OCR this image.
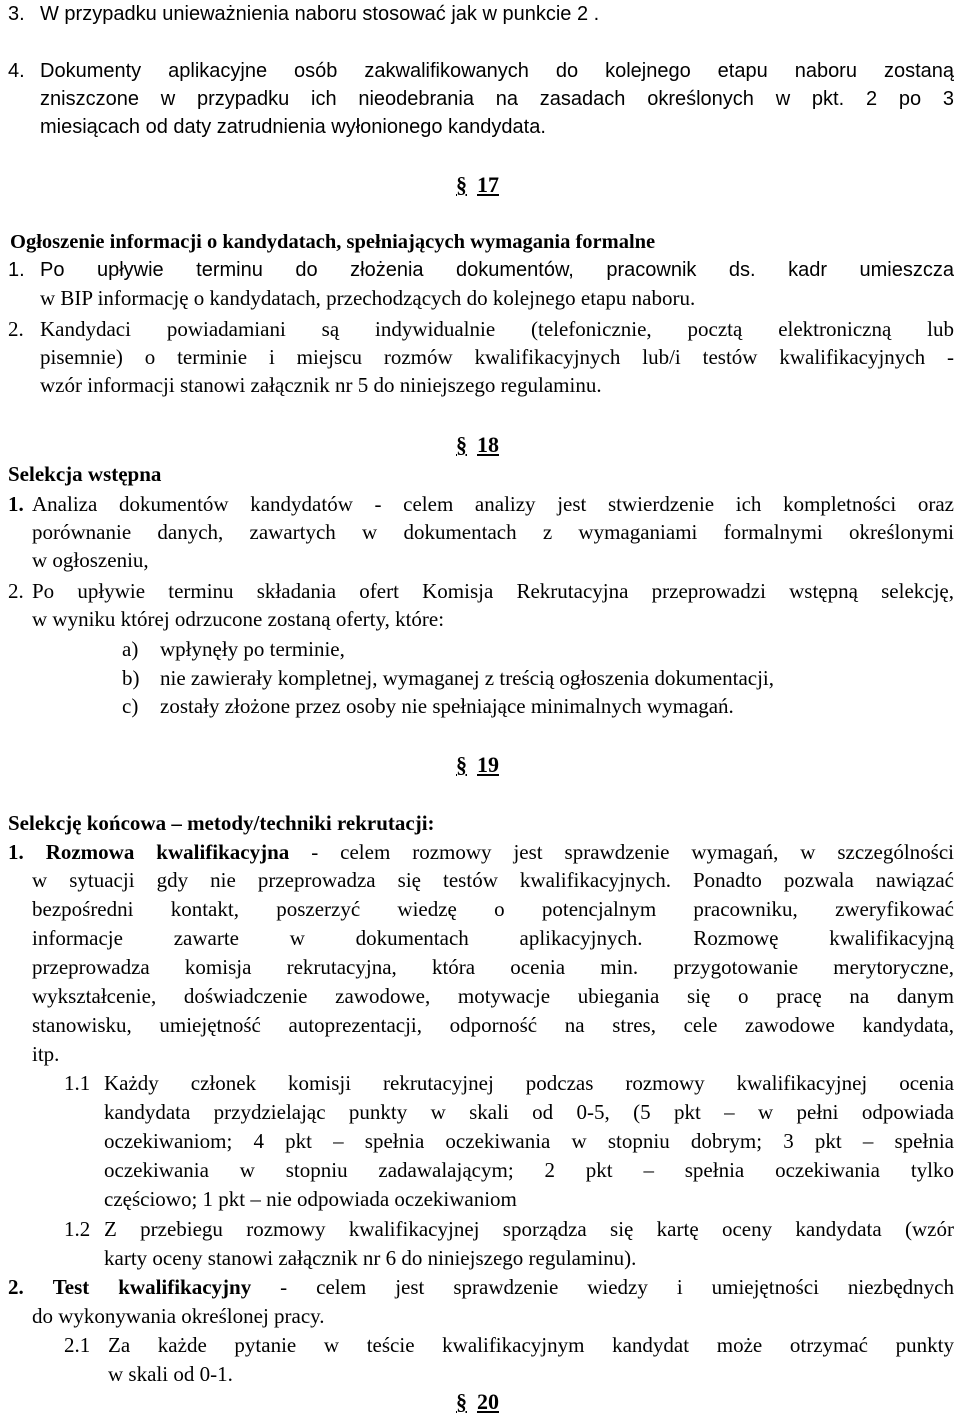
3. W przypadku unieważnienia naboru stosować jak w punkcie 2 .
4. Dokumenty aplikacyjne osób zakwalifikowanych do kolejnego etapu naboru zostaną
zniszczone w przypadku ich nieodebrania na zasadach określonych w pkt. 2 po 3
miesiącach od daty zatrudnienia wyłonionego kandydata.
§ 17
Ogłoszenie informacji o kandydatach, spełniających wymagania formalne
1. Po upływie terminu do złożenia dokumentów, pracownik ds. kadr umieszcza
w BIP informację o kandydatach, przechodzących do kolejnego etapu naboru.
2. Kandydaci powiadamiani są indywidualnie (telefonicznie, pocztą elektroniczną lub
pisemnie) o terminie i miejscu rozmów kwalifikacyjnych lub/i testów kwalifikacyjnych -
wzór informacji stanowi załącznik nr 5 do niniejszego regulaminu.
§ 18
Selekcja wstępna
1. Analiza dokumentów kandydatów - celem analizy jest stwierdzenie ich kompletności oraz
porównanie danych, zawartych w dokumentach z wymaganiami formalnymi określonymi
w ogłoszeniu,
2. Po upływie terminu składania ofert Komisja Rekrutacyjna przeprowadzi wstępną selekcję,
w wyniku której odrzucone zostaną oferty, które:
a) wpłynęły po terminie,
b) nie zawierały kompletnej, wymaganej z treścią ogłoszenia dokumentacji,
c) zostały złożone przez osoby nie spełniające minimalnych wymagań.
§ 19
Selekcję końcowa – metody/techniki rekrutacji:
1. Rozmowa kwalifikacyjna - celem rozmowy jest sprawdzenie wymagań, w szczególności
w sytuacji gdy nie przeprowadza się testów kwalifikacyjnych. Ponadto pozwala nawiązać
bezpośredni kontakt, poszerzyć wiedzę o potencjalnym pracowniku, zweryfikować
informacje zawarte w dokumentach aplikacyjnych. Rozmowę kwalifikacyjną
przeprowadza komisja rekrutacyjna, która ocenia min. przygotowanie merytoryczne,
wykształcenie, doświadczenie zawodowe, motywacje ubiegania się o pracę na danym
stanowisku, umiejętność autoprezentacji, odporność na stres, cele zawodowe kandydata,
itp.
1.1 Każdy członek komisji rekrutacyjnej podczas rozmowy kwalifikacyjnej ocenia
kandydata przydzielając punkty w skali od 0-5, (5 pkt – w pełni odpowiada
oczekiwaniom; 4 pkt – spełnia oczekiwania w stopniu dobrym; 3 pkt – spełnia
oczekiwania w stopniu zadawalającym; 2 pkt – spełnia oczekiwania tylko
częściowo; 1 pkt – nie odpowiada oczekiwaniom
1.2 Z przebiegu rozmowy kwalifikacyjnej sporządza się kartę oceny kandydata (wzór
karty oceny stanowi załącznik nr 6 do niniejszego regulaminu).
2. Test kwalifikacyjny - celem jest sprawdzenie wiedzy i umiejętności niezbędnych
do wykonywania określonej pracy.
2.1 Za każde pytanie w teście kwalifikacyjnym kandydat może otrzymać punkty
w skali od 0-1.
§ 20
